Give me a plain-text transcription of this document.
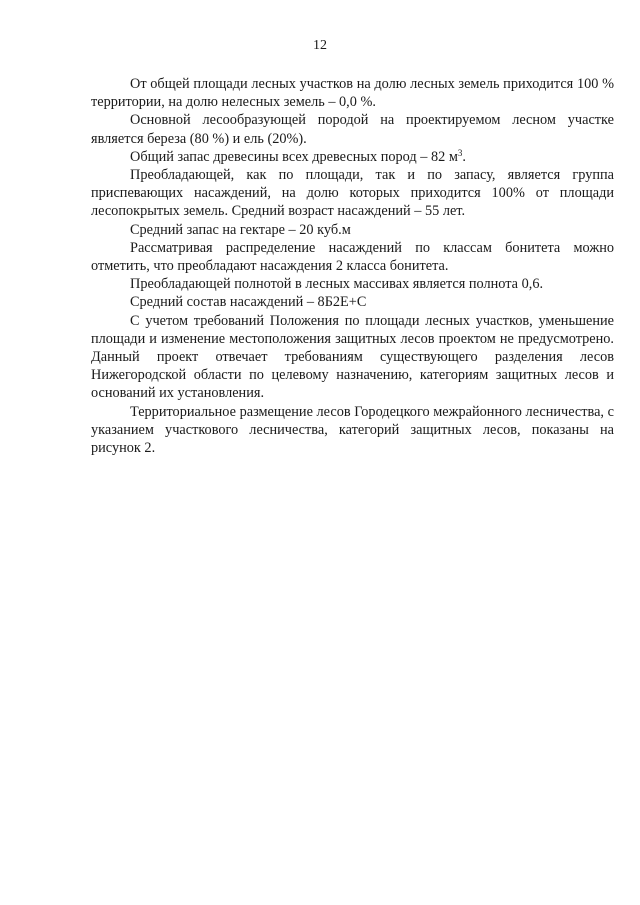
12

От общей площади лесных участков на долю лесных земель приходится 100 % территории, на долю нелесных земель – 0,0 %.

Основной лесообразующей породой на проектируемом лесном участке является береза (80 %) и ель (20%).

Общий запас древесины всех древесных пород – 82 $м^3$.

Преобладающей, как по площади, так и по запасу, является группа приспевающих насаждений, на долю которых приходится 100% от площади лесопокрытых земель. Средний возраст насаждений – 55 лет.

Средний запас на гектаре – 20 куб.м

Рассматривая распределение насаждений по классам бонитета можно отметить, что преобладают насаждения 2 класса бонитета.

Преобладающей полнотой в лесных массивах является полнота 0,6.

Средний состав насаждений – 8Б2Е+С

С учетом требований Положения по площади лесных участков, уменьшение площади и изменение местоположения защитных лесов проектом не предусмотрено. Данный проект отвечает требованиям существующего разделения лесов Нижегородской области по целевому назначению, категориям защитных лесов и оснований их установления.

Территориальное размещение лесов Городецкого межрайонного лесничества, с указанием участкового лесничества, категорий защитных лесов, показаны на рисунок 2.
